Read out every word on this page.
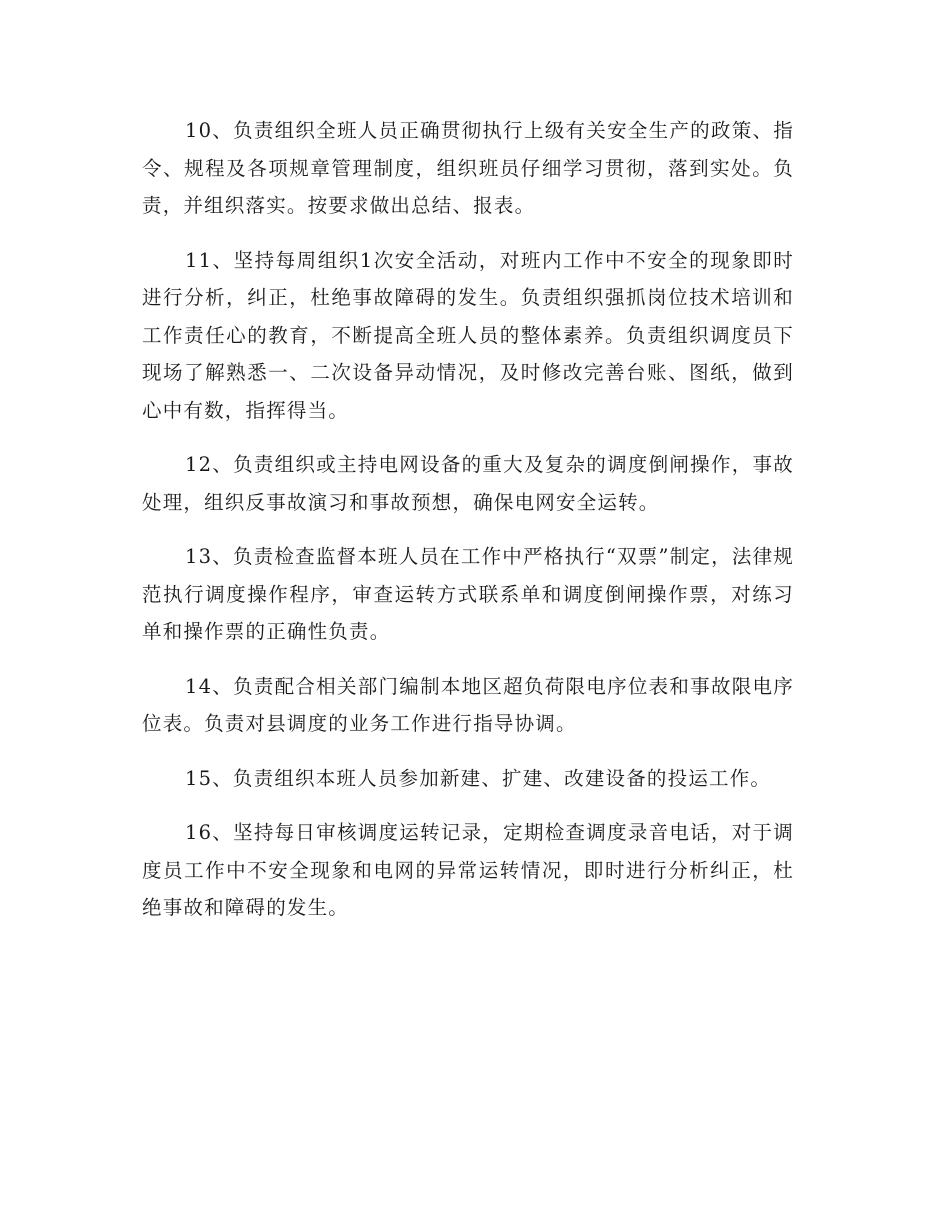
10、负责组织全班人员正确贯彻执行上级有关安全生产的政策、指令、规程及各项规章管理制度，组织班员仔细学习贯彻，落到实处。负责，并组织落实。按要求做出总结、报表。

11、坚持每周组织1次安全活动，对班内工作中不安全的现象即时进行分析，纠正，杜绝事故障碍的发生。负责组织强抓岗位技术培训和工作责任心的教育，不断提高全班人员的整体素养。负责组织调度员下现场了解熟悉一、二次设备异动情况，及时修改完善台账、图纸，做到心中有数，指挥得当。

12、负责组织或主持电网设备的重大及复杂的调度倒闸操作，事故处理，组织反事故演习和事故预想，确保电网安全运转。

13、负责检查监督本班人员在工作中严格执行“双票”制定，法律规范执行调度操作程序，审查运转方式联系单和调度倒闸操作票，对练习单和操作票的正确性负责。

14、负责配合相关部门编制本地区超负荷限电序位表和事故限电序位表。负责对县调度的业务工作进行指导协调。

15、负责组织本班人员参加新建、扩建、改建设备的投运工作。

16、坚持每日审核调度运转记录，定期检查调度录音电话，对于调度员工作中不安全现象和电网的异常运转情况，即时进行分析纠正，杜绝事故和障碍的发生。
